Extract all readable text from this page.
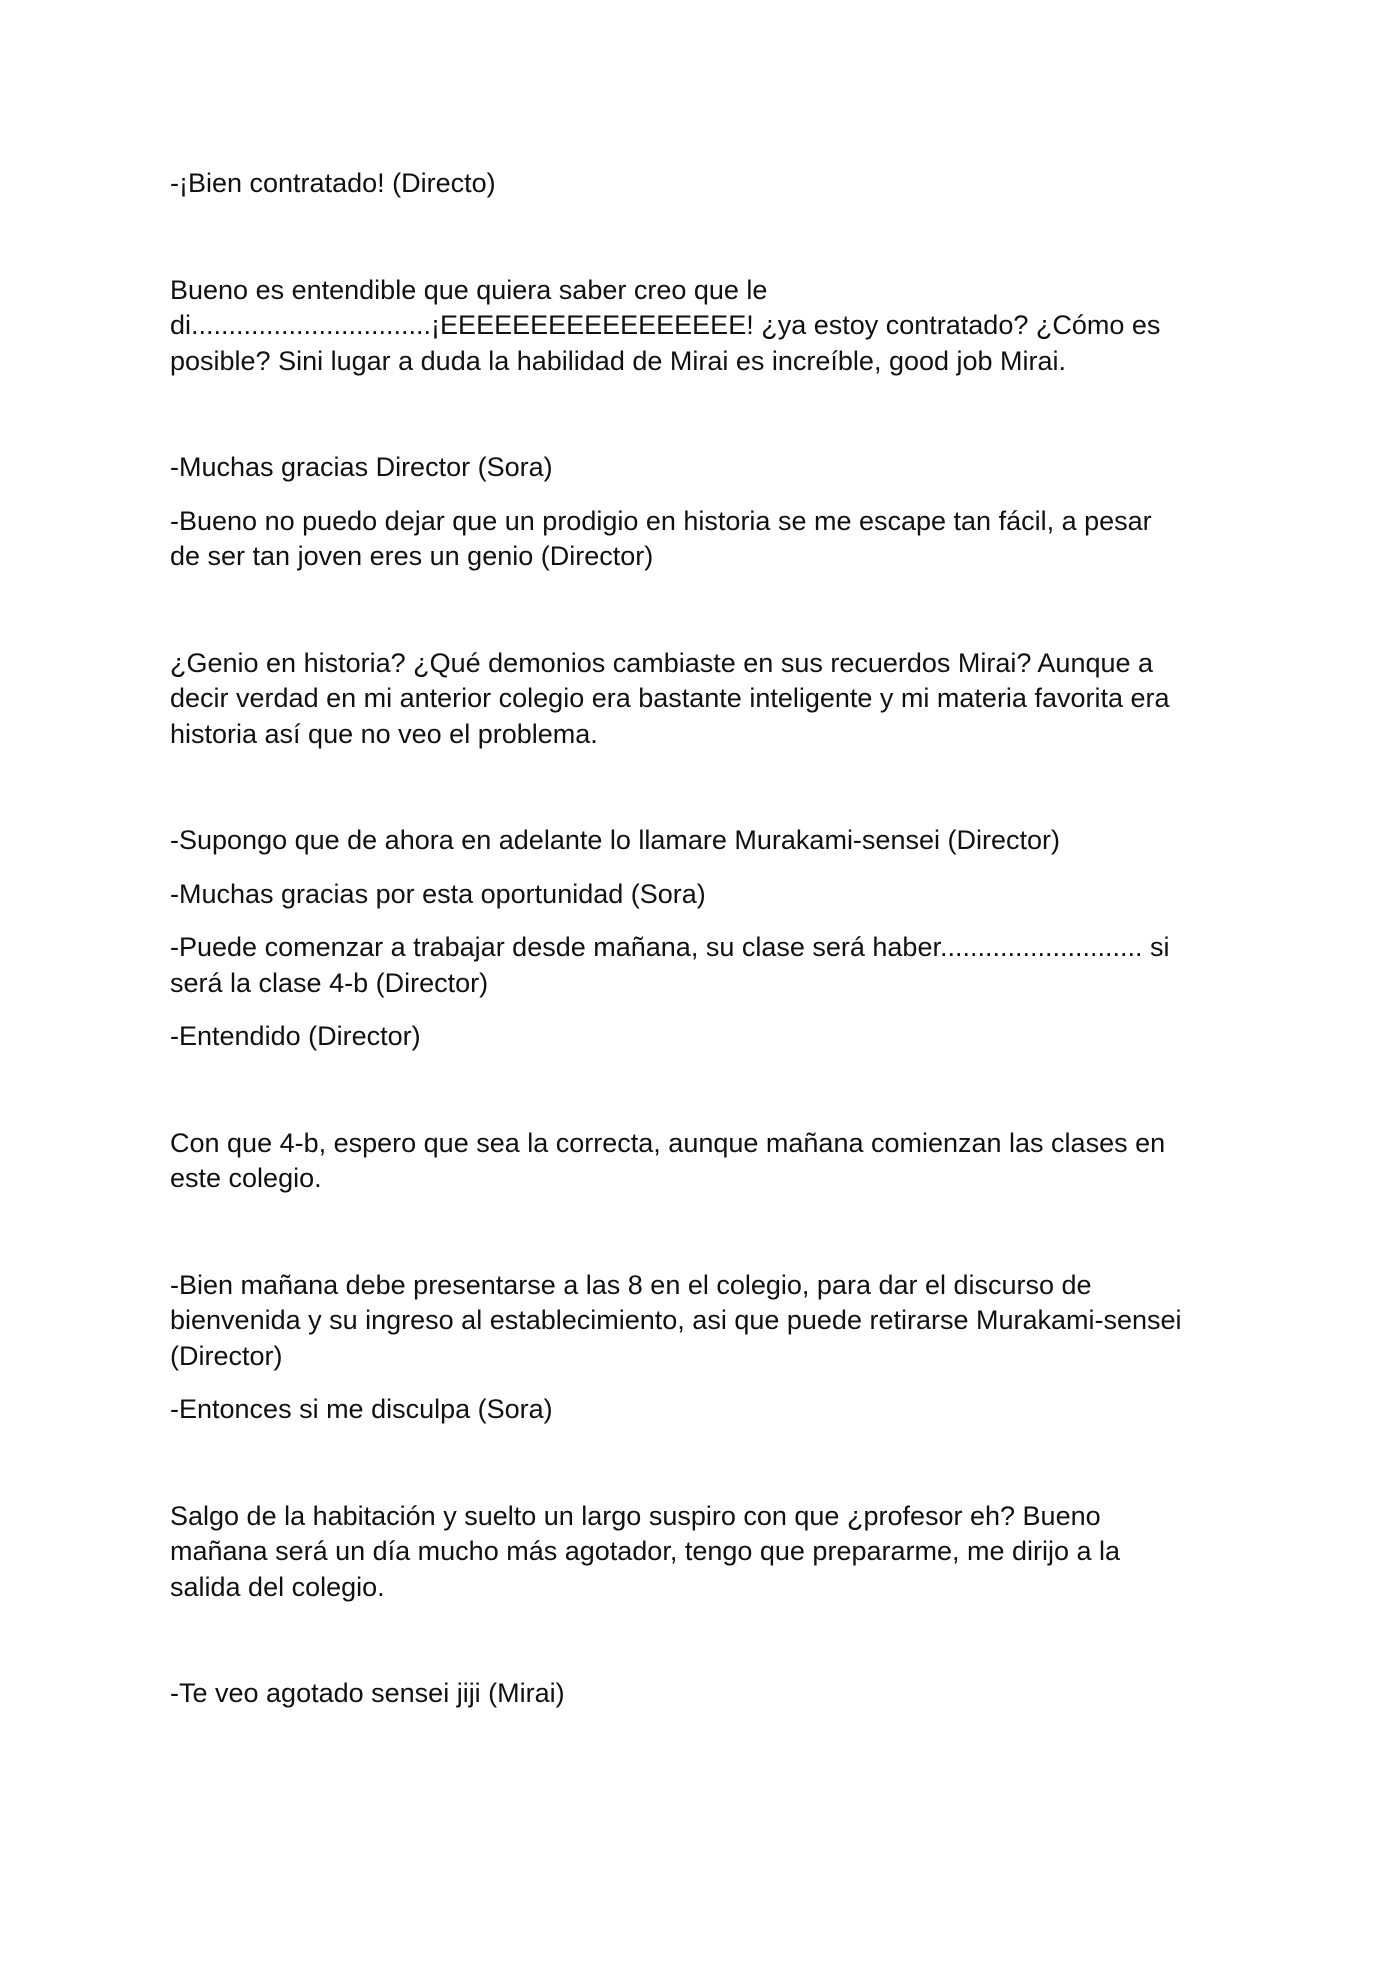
-¡Bien contratado! (Directo)

Bueno es entendible que quiera saber creo que le

di................................¡EEEEEEEEEEEEEEEEE! ¿ya estoy contratado? ¿Cómo es

posible? Sini lugar a duda la habilidad de Mirai es increíble, good job Mirai.

-Muchas gracias Director (Sora)

-Bueno no puedo dejar que un prodigio en historia se me escape tan fácil, a pesar

de ser tan joven eres un genio (Director)

¿Genio en historia? ¿Qué demonios cambiaste en sus recuerdos Mirai? Aunque a

decir verdad en mi anterior colegio era bastante inteligente y mi materia favorita era

historia así que no veo el problema.

-Supongo que de ahora en adelante lo llamare Murakami-sensei (Director)

-Muchas gracias por esta oportunidad (Sora)

-Puede comenzar a trabajar desde mañana, su clase será haber........................... si

será la clase 4-b (Director)

-Entendido (Director)

Con que 4-b, espero que sea la correcta, aunque mañana comienzan las clases en

este colegio.

-Bien mañana debe presentarse a las 8 en el colegio, para dar el discurso de

bienvenida y su ingreso al establecimiento, asi que puede retirarse Murakami-sensei

(Director)

-Entonces si me disculpa (Sora)

Salgo de la habitación y suelto un largo suspiro con que ¿profesor eh? Bueno

mañana será un día mucho más agotador, tengo que prepararme, me dirijo a la

salida del colegio.

-Te veo agotado sensei jiji (Mirai)
